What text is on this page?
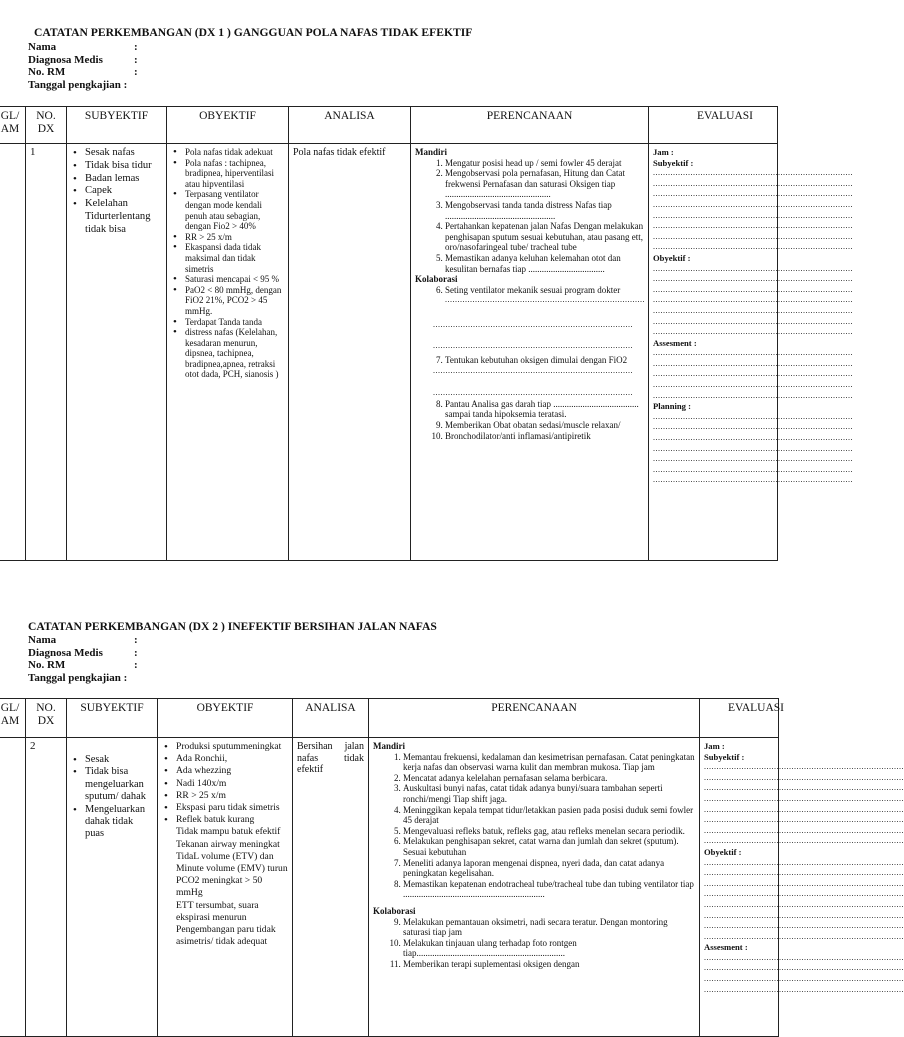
CATATAN PERKEMBANGAN (DX 1 ) GANGGUAN POLA NAFAS TIDAK EFEKTIF
Nama	:
Diagnosa Medis	:
No. RM	:
Tanggal pengkajian :
GL/
AM
NO.
DX
SUBYEKTIF	OBYEKTIF	ANALISA	PERENCANAAN	EVALUASI
1
•	Sesak nafas
• Tidak bisa tidur
• Badan lemas
• Capek
• Kelelahan Tidurterlentang tidak bisa
• Pola nafas tidak adekuat
• Pola nafas : tachipnea, bradipnea, hiperventilasi atau hipventilasi
• Terpasang ventilator dengan mode kendali penuh atau sebagian, dengan Fio2 > 40%
• RR > 25 x/m
• Ekaspansi dada tidak maksimal dan tidak simetris
• Saturasi mencapai < 95 %
• PaO2 < 80 mmHg, dengan FiO2 21%, PCO2 > 45 mmHg.
• Terdapat Tanda tanda
• distress nafas (Kelelahan, kesadaran menurun, dipsnea, tachipnea, bradipnea,apnea, retraksi otot dada, PCH, sianosis )
Pola nafas tidak efektif	Mandiri
1. Mengatur posisi head up / semi fowler 45 derajat
2. Mengobservasi pola pernafasan, Hitung dan Catat frekwensi Pernafasan dan saturasi Oksigen tiap ...............................................
3. Mengobservasi tanda tanda distress Nafas tiap .................................................
4. Pertahankan kepatenan jalan Nafas Dengan melakukan penghisapan sputum sesuai kebutuhan, atau pasang ett, oro/nasofaringeal tube/ tracheal tube
5. Memastikan adanya keluhan kelemahan otot dan kesulitan bernafas tiap ..................................
Kolaborasi
6. Seting ventilator mekanik sesuai program dokter
................................................................................
................................................................................
................................................................................
7. Tentukan kebutuhan oksigen dimulai dengan FiO2
................................................................................
................................................................................
8. Pantau Analisa gas darah tiap ...................................... sampai tanda hipoksemia teratasi.
9. Memberikan Obat obatan sedasi/muscle relaxan/
10. Bronchodilator/anti inflamasi/antipiretik
Jam :
Subyektif :
................................................................................
................................................................................
................................................................................
................................................................................
................................................................................
................................................................................
................................................................................
................................................................................
Obyektif :
................................................................................
................................................................................
................................................................................
................................................................................
................................................................................
................................................................................
................................................................................
Assesment :
................................................................................
................................................................................
................................................................................
................................................................................
................................................................................
Planning :
................................................................................
................................................................................
................................................................................
................................................................................
................................................................................
................................................................................
................................................................................
CATATAN PERKEMBANGAN (DX 2 ) INEFEKTIF BERSIHAN JALAN NAFAS
Nama	:
Diagnosa Medis	:
No. RM	:
Tanggal pengkajian :
GL/
AM
NO.
DX
SUBYEKTIF	OBYEKTIF	ANALISA	PERENCANAAN	EVALUASI
2
• Sesak
• Tidak bisa mengeluarkan sputum/ dahak
• Mengeluarkan dahak tidak puas
• Produksi sputummeningkat
• Ada Ronchii,
• Ada whezzing
• Nadi 140x/m
• RR > 25 x/m
• Ekspasi paru tidak simetris
• Reflek batuk kurang
Tidak mampu batuk efektif
Tekanan airway meningkat
TidaL volume (ETV) dan Minute volume (EMV) turun
PCO2 meningkat > 50 mmHg
ETT tersumbat, suara ekspirasi menurun
Pengembangan paru tidak asimetris/ tidak adequat
Bersihan jalan nafas tidak efektif
Mandiri
1. Memantau frekuensi, kedalaman dan kesimetrisan pernafasan. Catat peningkatan kerja nafas dan observasi warna kulit dan membran mukosa. Tiap jam
2. Mencatat adanya kelelahan pernafasan selama berbicara.
3. Auskultasi bunyi nafas, catat tidak adanya bunyi/suara tambahan seperti ronchi/mengi Tiap shift jaga.
4. Meninggikan kepala tempat tidur/letakkan pasien pada posisi duduk semi fowler 45 derajat
5. Mengevaluasi refleks batuk, refleks gag, atau refleks menelan secara periodik.
6. Melakukan penghisapan sekret, catat warna dan jumlah dan sekret (sputum). Sesuai kebutuhan
7. Meneliti adanya laporan mengenai dispnea, nyeri dada, dan catat adanya peningkatan kegelisahan.
8. Memastikan kepatenan endotracheal tube/tracheal tube dan tubing ventilator tiap ...............................................................
Kolaborasi
9. Melakukan pemantauan oksimetri, nadi secara teratur. Dengan montoring saturasi tiap jam
10. Melakukan tinjauan ulang terhadap foto rontgen tiap..................................................................
11. Memberikan terapi suplementasi oksigen dengan
Jam :
Subyektif :
................................................................................
................................................................................
................................................................................
................................................................................
................................................................................
................................................................................
................................................................................
................................................................................
Obyektif :
................................................................................
................................................................................
................................................................................
................................................................................
................................................................................
................................................................................
................................................................................
................................................................................
Assesment :
................................................................................
................................................................................
................................................................................
................................................................................
